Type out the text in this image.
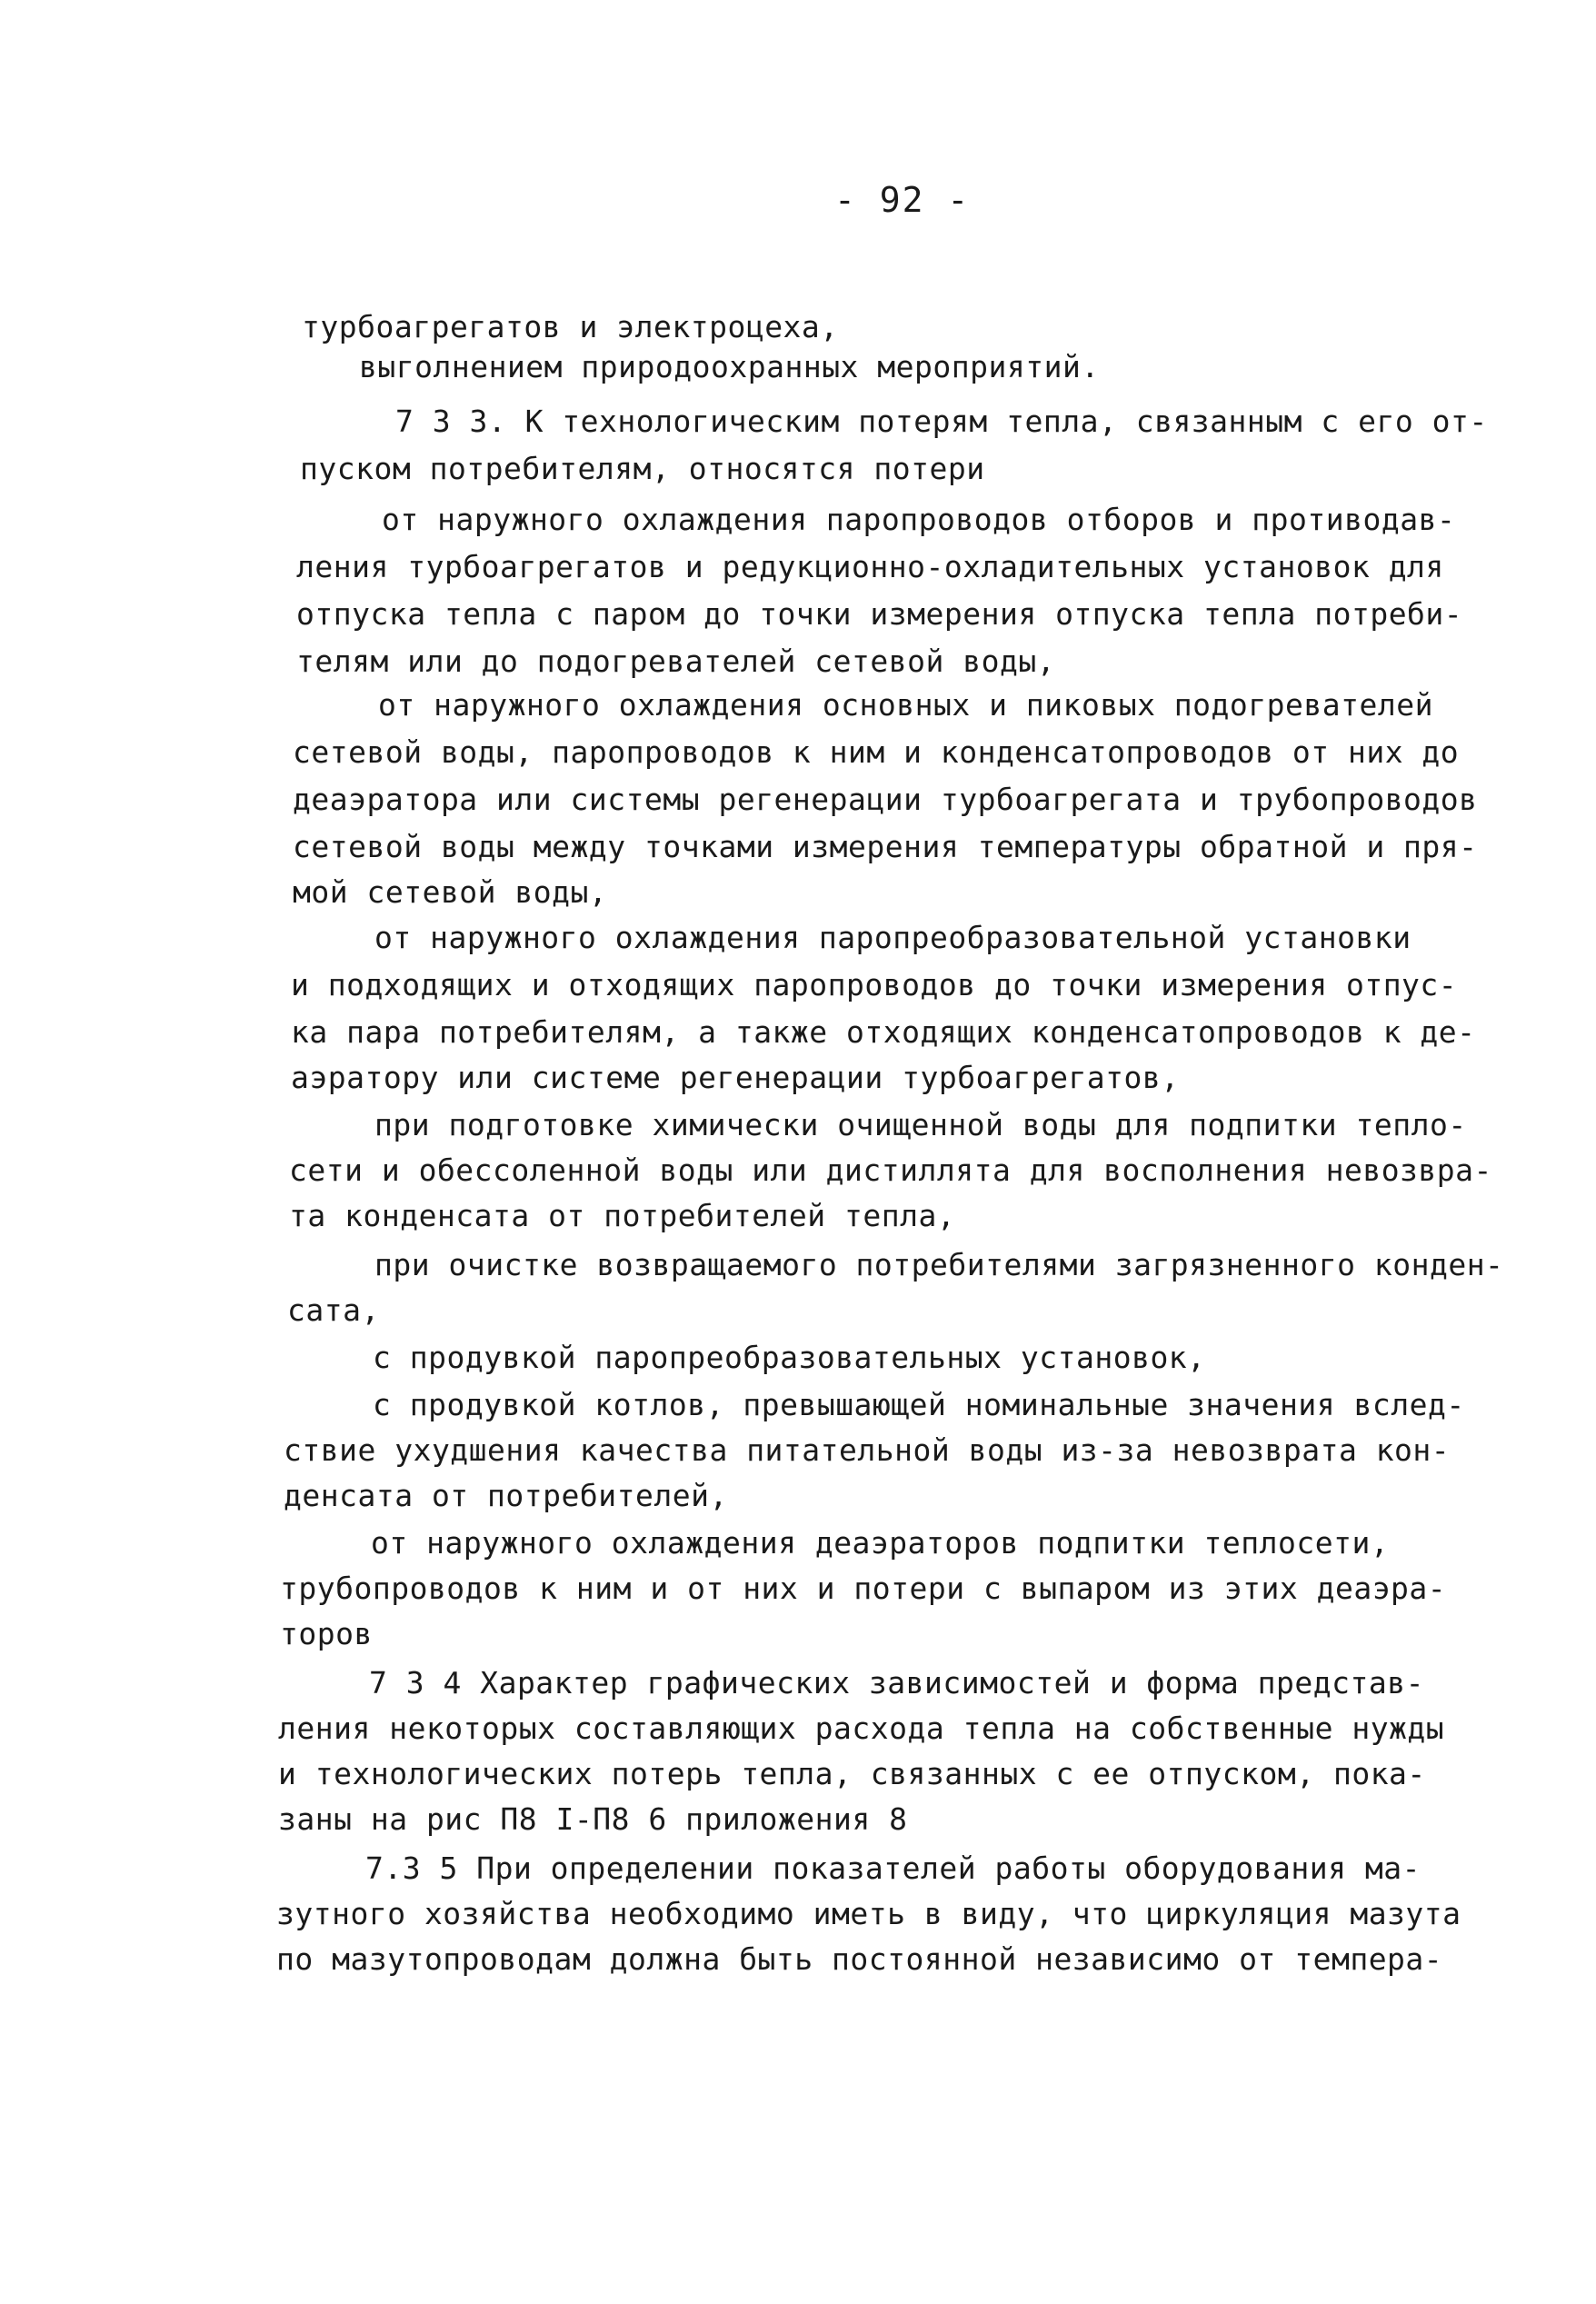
- 92 -
турбоагрегатов и электроцеха,
выголнением природоохранных мероприятий.
7 3 3. К технологическим потерям тепла, связанным с его от-
пуском потребителям, относятся потери
от наружного охлаждения паропроводов отборов и противодав-
ления турбоагрегатов и редукционно-охладительных установок для
отпуска тепла с паром до точки измерения отпуска тепла потреби-
телям или до подогревателей сетевой воды,
от наружного охлаждения основных и пиковых подогревателей
сетевой воды, паропроводов к ним и конденсатопроводов от них до
деаэратора или системы регенерации турбоагрегата и трубопроводов
сетевой воды между точками измерения температуры обратной и пря-
мой сетевой воды,
от наружного охлаждения паропреобразовательной установки
и подходящих и отходящих паропроводов до точки измерения отпус-
ка пара потребителям, а также отходящих конденсатопроводов к де-
аэратору или системе регенерации турбоагрегатов,
при подготовке химически очищенной воды для подпитки тепло-
сети и обессоленной воды или дистиллята для восполнения невозвра-
та конденсата от потребителей тепла,
при очистке возвращаемого потребителями загрязненного конден-
сата,
с продувкой паропреобразовательных установок,
с продувкой котлов, превышающей номинальные значения вслед-
ствие ухудшения качества питательной воды из-за невозврата кон-
денсата от потребителей,
от наружного охлаждения деаэраторов подпитки теплосети,
трубопроводов к ним и от них и потери с выпаром из этих деаэра-
торов
7 3 4 Характер графических зависимостей и форма представ-
ления некоторых составляющих расхода тепла на собственные нужды
и технологических потерь тепла, связанных с ее отпуском, пока-
заны на рис П8 I-П8 6 приложения 8
7.3 5 При определении показателей работы оборудования ма-
зутного хозяйства необходимо иметь в виду, что циркуляция мазута
по мазутопроводам должна быть постоянной независимо от темпера-
